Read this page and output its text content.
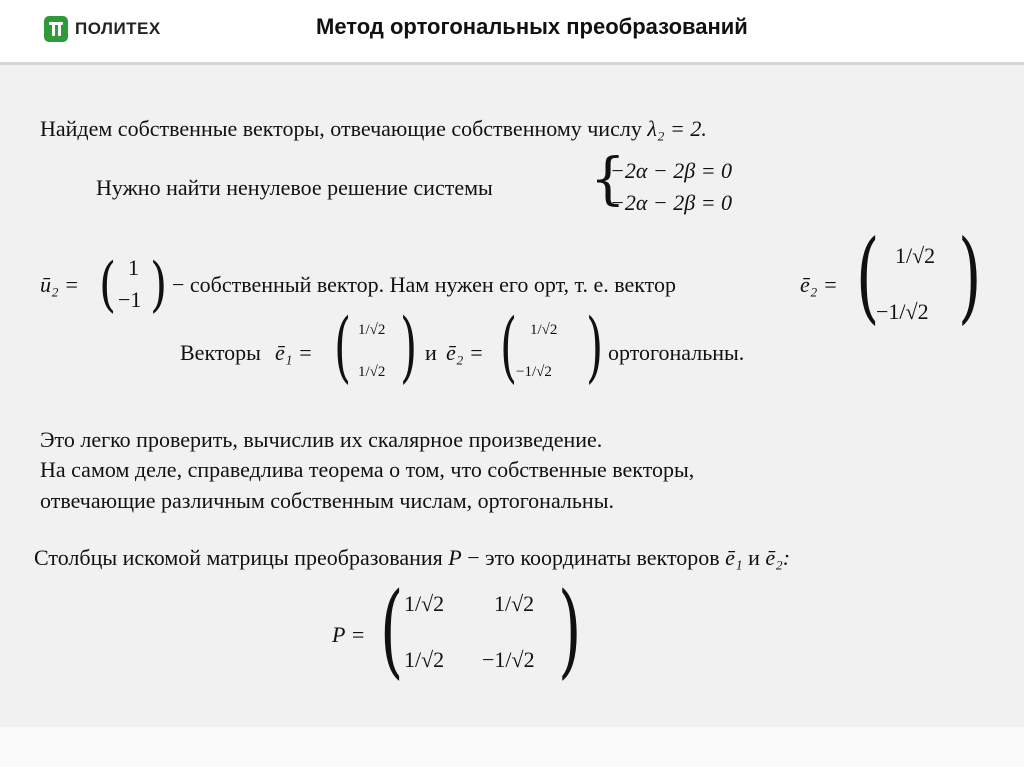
ПОЛИТЕХ	Метод ортогональных преобразований
Найдем собственные векторы, отвечающие собственному числу λ₂ = 2.
Нужно найти ненулевое решение системы {
−2α − 2β = 0
−2α − 2β = 0
ū₂ = ( 1
−1 ) − собственный вектор. Нам нужен его орт, т. е. вектор	ē₂ = ( 1/√2
−1/√2 )
Векторы ē₁ = ( 1/√2
1/√2 ) и ē₂ = ( 1/√2
−1/√2 ) ортогональны.
Это легко проверить, вычислив их скалярное произведение.
На самом деле, справедлива теорема о том, что собственные векторы,
отвечающие различным собственным числам, ортогональны.
Столбцы искомой матрицы преобразования P − это координаты векторов ē₁ и ē₂:
P = ( 1/√2 1/√2
1/√2 −1/√2 )
